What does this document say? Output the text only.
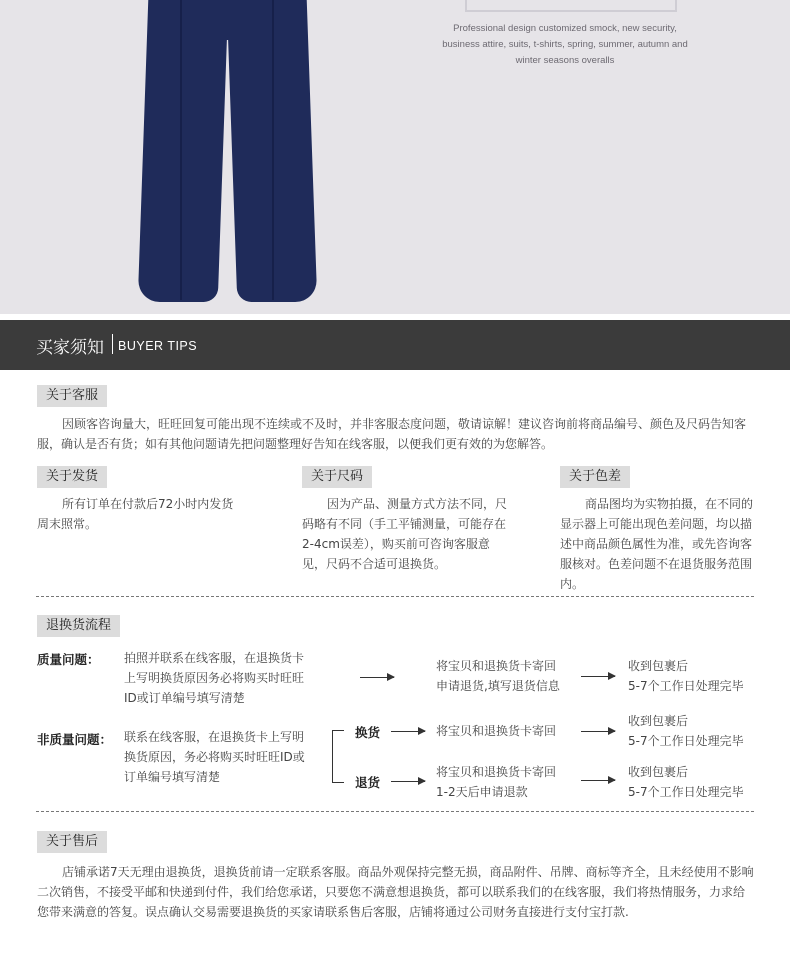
Professional design customized smock, new security,
business attire, suits, t-shirts, spring, summer, autumn and
winter seasons overalls
买家须知 BUYER TIPS
关于客服
因顾客咨询量大，旺旺回复可能出现不连续或不及时，并非客服态度问题，敬请谅解！建议咨询前将商品编号、颜色及尺码告知客服，确认是否有货；如有其他问题请先把问题整理好告知在线客服，以便我们更有效的为您解答。
关于发货
所有订单在付款后72小时内发货周末照常。
关于尺码
因为产品、测量方式方法不同，尺码略有不同（手工平铺测量，可能存在2-4cm误差），购买前可咨询客服意见，尺码不合适可退换货。
关于色差
商品图均为实物拍摄，在不同的显示器上可能出现色差问题，均以描述中商品颜色属性为准，或先咨询客服核对。色差问题不在退货服务范围内。
退换货流程
质量问题： 拍照并联系在线客服，在退换货卡上写明换货原因务必将购买时旺旺ID或订单编号填写清楚
将宝贝和退换货卡寄回
申请退货,填写退货信息
收到包裹后
5-7个工作日处理完毕
非质量问题： 联系在线客服，在退换货卡上写明换货原因，务必将购买时旺旺ID或订单编号填写清楚
换货	将宝贝和退换货卡寄回
收到包裹后
5-7个工作日处理完毕
退货
将宝贝和退换货卡寄回
1-2天后申请退款
收到包裹后
5-7个工作日处理完毕
关于售后
店铺承诺7天无理由退换货，退换货前请一定联系客服。商品外观保持完整无损，商品附件、吊牌、商标等齐全，且未经使用不影响二次销售，不接受平邮和快递到付件，我们给您承诺，只要您不满意想退换货，都可以联系我们的在线客服，我们将热情服务，力求给您带来满意的答复。误点确认交易需要退换货的买家请联系售后客服，店铺将通过公司财务直接进行支付宝打款.
